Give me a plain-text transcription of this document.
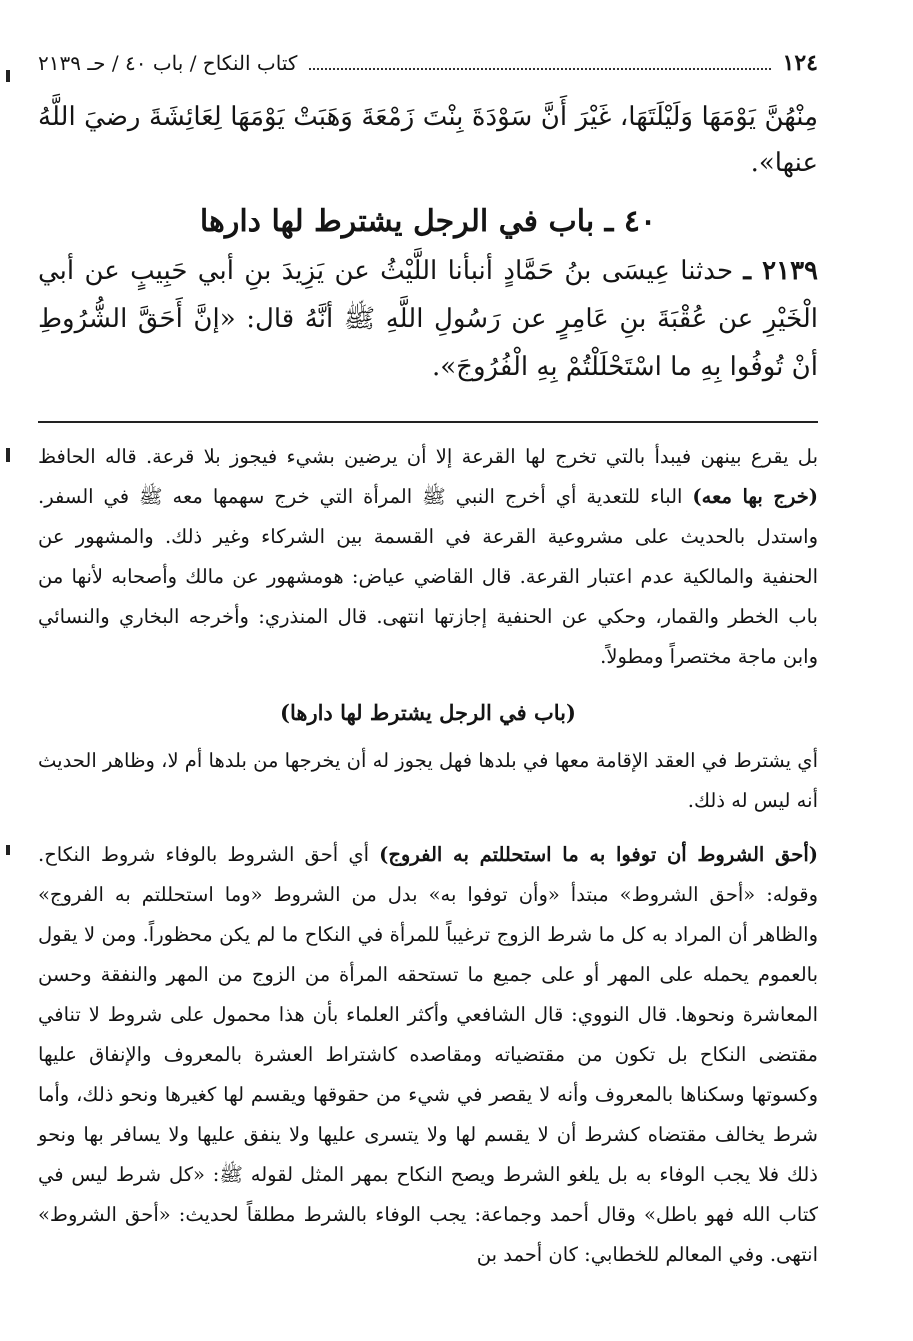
١٢٤
كتاب النكاح / باب ٤٠ / حـ ٢١٣٩
مِنْهُنَّ يَوْمَهَا وَلَيْلَتَهَا، غَيْرَ أَنَّ سَوْدَةَ بِنْتَ زَمْعَةَ وَهَبَتْ يَوْمَهَا لِعَائِشَةَ رضيَ اللَّهُ عنها».
٤٠ ـ باب في الرجل يشترط لها دارها
٢١٣٩ ـ حدثنا عِيسَى بنُ حَمَّادٍ أنبأنا اللَّيْثُ عن يَزِيدَ بنِ أبي حَبِيبٍ عن أبي الْخَيْرِ عن عُقْبَةَ بنِ عَامِرٍ عن رَسُولِ اللَّهِ ﷺ أنَّهُ قال: «إنَّ أَحَقَّ الشُّرُوطِ أنْ تُوفُوا بِهِ ما اسْتَحْلَلْتُمْ بِهِ الْفُرُوجَ».

بل يقرع بينهن فيبدأ بالتي تخرج لها القرعة إلا أن يرضين بشيء فيجوز بلا قرعة. قاله الحافظ (خرج بها معه) الباء للتعدية أي أخرج النبي ﷺ المرأة التي خرج سهمها معه ﷺ في السفر. واستدل بالحديث على مشروعية القرعة في القسمة بين الشركاء وغير ذلك. والمشهور عن الحنفية والمالكية عدم اعتبار القرعة. قال القاضي عياض: هومشهور عن مالك وأصحابه لأنها من باب الخطر والقمار، وحكي عن الحنفية إجازتها انتهى. قال المنذري: وأخرجه البخاري والنسائي وابن ماجة مختصراً ومطولاً.

(باب في الرجل يشترط لها دارها)

أي يشترط في العقد الإقامة معها في بلدها فهل يجوز له أن يخرجها من بلدها أم لا، وظاهر الحديث أنه ليس له ذلك.

(أحق الشروط أن توفوا به ما استحللتم به الفروج) أي أحق الشروط بالوفاء شروط النكاح. وقوله: «أحق الشروط» مبتدأ «وأن توفوا به» بدل من الشروط «وما استحللتم به الفروج» والظاهر أن المراد به كل ما شرط الزوج ترغيباً للمرأة في النكاح ما لم يكن محظوراً. ومن لا يقول بالعموم يحمله على المهر أو على جميع ما تستحقه المرأة من الزوج من المهر والنفقة وحسن المعاشرة ونحوها. قال النووي: قال الشافعي وأكثر العلماء بأن هذا محمول على شروط لا تنافي مقتضى النكاح بل تكون من مقتضياته ومقاصده كاشتراط العشرة بالمعروف والإنفاق عليها وكسوتها وسكناها بالمعروف وأنه لا يقصر في شيء من حقوقها ويقسم لها كغيرها ونحو ذلك، وأما شرط يخالف مقتضاه كشرط أن لا يقسم لها ولا يتسرى عليها ولا ينفق عليها ولا يسافر بها ونحو ذلك فلا يجب الوفاء به بل يلغو الشرط ويصح النكاح بمهر المثل لقوله ﷺ: «كل شرط ليس في كتاب الله فهو باطل» وقال أحمد وجماعة: يجب الوفاء بالشرط مطلقاً لحديث: «أحق الشروط» انتهى. وفي المعالم للخطابي: كان أحمد بن
